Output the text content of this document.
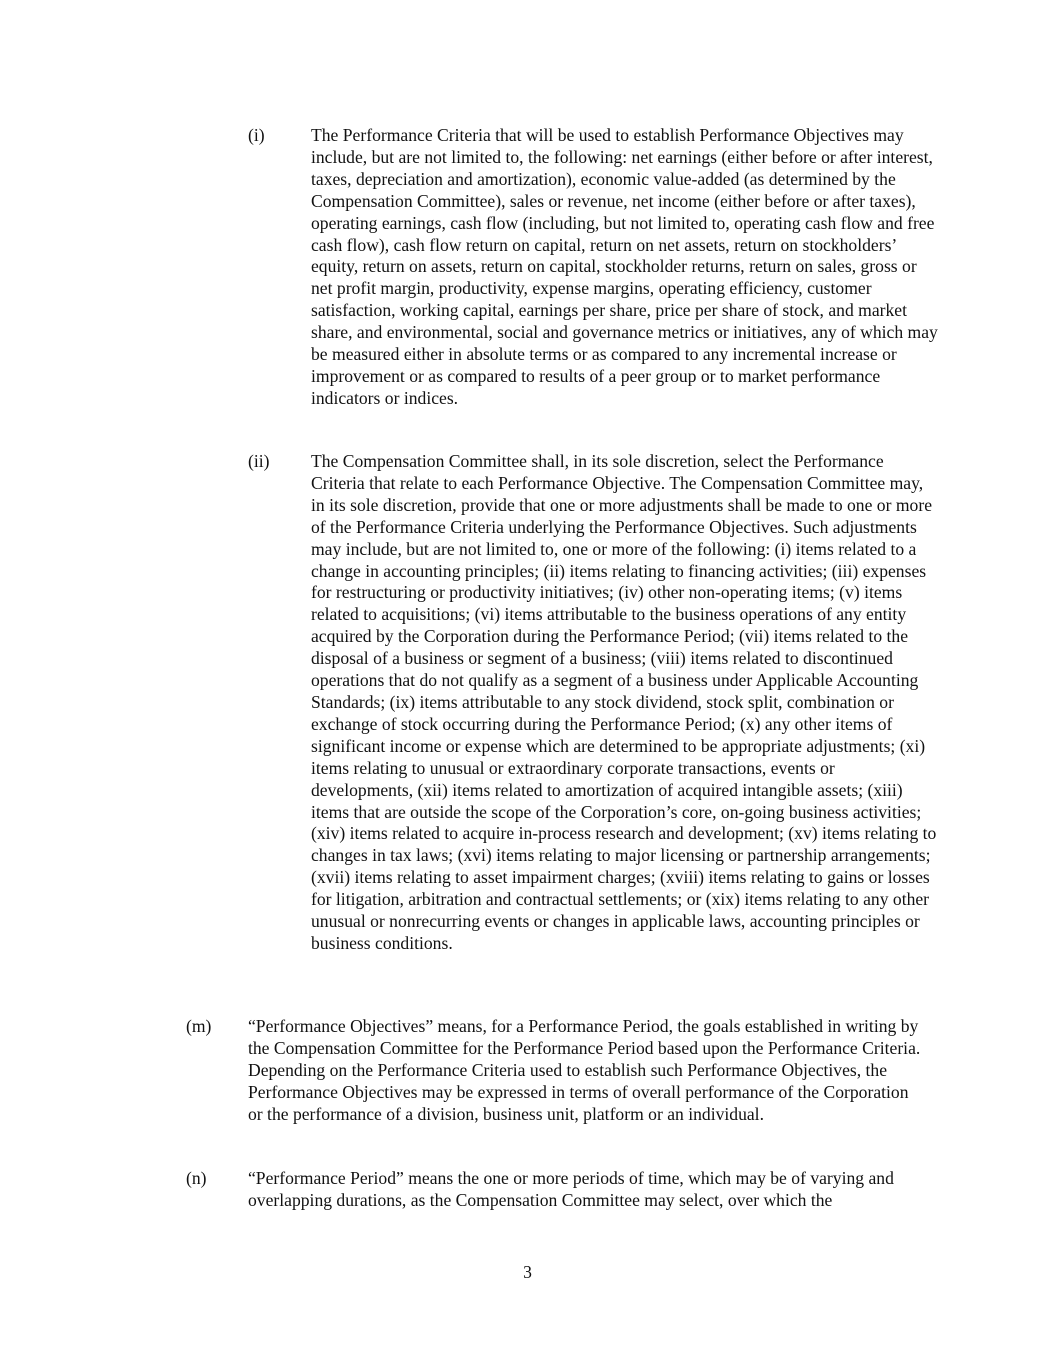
(i)	The Performance Criteria that will be used to establish Performance Objectives may include, but are not limited to, the following: net earnings (either before or after interest, taxes, depreciation and amortization), economic value-added (as determined by the Compensation Committee), sales or revenue, net income (either before or after taxes), operating earnings, cash flow (including, but not limited to, operating cash flow and free cash flow), cash flow return on capital, return on net assets, return on stockholders’ equity, return on assets, return on capital, stockholder returns, return on sales, gross or net profit margin, productivity, expense margins, operating efficiency, customer satisfaction, working capital, earnings per share, price per share of stock, and market share, and environmental, social and governance metrics or initiatives, any of which may be measured either in absolute terms or as compared to any incremental increase or improvement or as compared to results of a peer group or to market performance indicators or indices.

(ii) The Compensation Committee shall, in its sole discretion, select the Performance Criteria that relate to each Performance Objective. The Compensation Committee may, in its sole discretion, provide that one or more adjustments shall be made to one or more of the Performance Criteria underlying the Performance Objectives. Such adjustments may include, but are not limited to, one or more of the following: (i) items related to a change in accounting principles; (ii) items relating to financing activities; (iii) expenses for restructuring or productivity initiatives; (iv) other non-operating items; (v) items related to acquisitions; (vi) items attributable to the business operations of any entity acquired by the Corporation during the Performance Period; (vii) items related to the disposal of a business or segment of a business; (viii) items related to discontinued operations that do not qualify as a segment of a business under Applicable Accounting Standards; (ix) items attributable to any stock dividend, stock split, combination or exchange of stock occurring during the Performance Period; (x) any other items of significant income or expense which are determined to be appropriate adjustments; (xi) items relating to unusual or extraordinary corporate transactions, events or developments, (xii) items related to amortization of acquired intangible assets; (xiii) items that are outside the scope of the Corporation’s core, on-going business activities; (xiv) items related to acquire in-process research and development; (xv) items relating to changes in tax laws; (xvi) items relating to major licensing or partnership arrangements; (xvii) items relating to asset impairment charges; (xviii) items relating to gains or losses for litigation, arbitration and contractual settlements; or (xix) items relating to any other unusual or nonrecurring events or changes in applicable laws, accounting principles or business conditions.

(m) “Performance Objectives” means, for a Performance Period, the goals established in writing by the Compensation Committee for the Performance Period based upon the Performance Criteria. Depending on the Performance Criteria used to establish such Performance Objectives, the Performance Objectives may be expressed in terms of overall performance of the Corporation or the performance of a division, business unit, platform or an individual.

(n) “Performance Period” means the one or more periods of time, which may be of varying and overlapping durations, as the Compensation Committee may select, over which the

3
